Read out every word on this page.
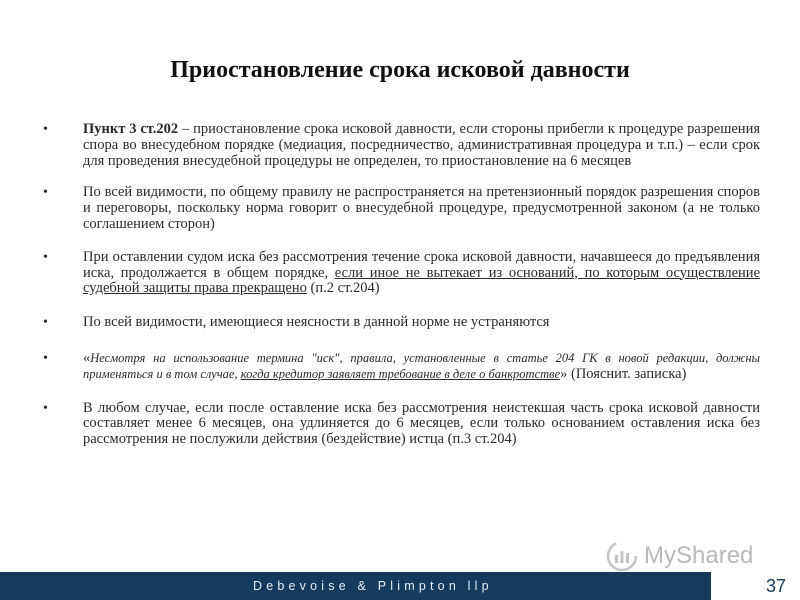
Приостановление срока исковой давности
• Пункт 3 ст.202 – приостановление срока исковой давности, если стороны прибегли к процедуре разрешения спора во внесудебном порядке (медиация, посредничество, административная процедура и т.п.) – если срок для проведения внесудебной процедуры не определен, то приостановление на 6 месяцев
• По всей видимости, по общему правилу не распространяется на претензионный порядок разрешения споров и переговоры, поскольку норма говорит о внесудебной процедуре, предусмотренной законом (а не только соглашением сторон)
• При оставлении судом иска без рассмотрения течение срока исковой давности, начавшееся до предъявления иска, продолжается в общем порядке, если иное не вытекает из оснований, по которым осуществление судебной защиты права прекращено (п.2 ст.204)
• По всей видимости, имеющиеся неясности в данной норме не устраняются
• «Несмотря на использование термина "иск", правила, установленные в статье 204 ГК в новой редакции, должны применяться и в том случае, когда кредитор заявляет требование в деле о банкротстве» (Пояснит. записка)
• В любом случае, если после оставление иска без рассмотрения неистекшая часть срока исковой давности составляет менее 6 месяцев, она удлиняется до 6 месяцев, если только основанием оставления иска без рассмотрения не послужили действия (бездействие) истца (п.3 ст.204)
MyShared
Debevoise & Plimpton llp	37
